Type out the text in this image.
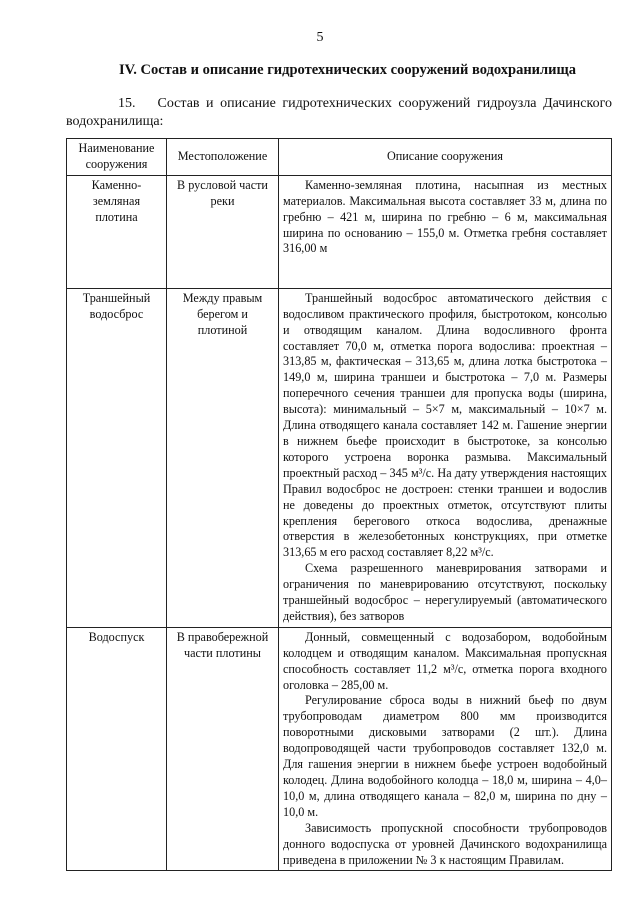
5
IV. Состав и описание гидротехнических сооружений водохранилища
15. Состав и описание гидротехнических сооружений гидроузла Дачинского водохранилища:
Наименование сооружения	Местоположение	Описание сооружения
Каменно-земляная плотина	В русловой части реки	Каменно-земляная плотина, насыпная из местных материалов. Максимальная высота составляет 33 м, длина по гребню – 421 м, ширина по гребню – 6 м, максимальная ширина по основанию – 155,0 м. Отметка гребня составляет 316,00 м

Траншейный водосброс	Между правым берегом и плотиной	Траншейный водосброс автоматического действия с водосливом практического профиля, быстротоком, консолью и отводящим каналом. Длина водосливного фронта составляет 70,0 м, отметка порога водослива: проектная – 313,85 м, фактическая – 313,65 м, длина лотка быстротока – 149,0 м, ширина траншеи и быстротока – 7,0 м. Размеры поперечного сечения траншеи для пропуска воды (ширина, высота): минимальный – 5×7 м, максимальный – 10×7 м. Длина отводящего канала составляет 142 м. Гашение энергии в нижнем бьефе происходит в быстротоке, за консолью которого устроена воронка размыва. Максимальный проектный расход – 345 м³/с. На дату утверждения настоящих Правил водосброс не достроен: стенки траншеи и водослив не доведены до проектных отметок, отсутствуют плиты крепления берегового откоса водослива, дренажные отверстия в железобетонных конструкциях, при отметке 313,65 м его расход составляет 8,22 м³/с.

Схема разрешенного маневрирования затворами и ограничения по маневрированию отсутствуют, поскольку траншейный водосброс – нерегулируемый (автоматического действия), без затворов

Водоспуск	В правобережной части плотины	Донный, совмещенный с водозабором, водобойным колодцем и отводящим каналом. Максимальная пропускная способность составляет 11,2 м³/с, отметка порога входного оголовка – 285,00 м.

Регулирование сброса воды в нижний бьеф по двум трубопроводам диаметром 800 мм производится поворотными дисковыми затворами (2 шт.). Длина водопроводящей части трубопроводов составляет 132,0 м. Для гашения энергии в нижнем бьефе устроен водобойный колодец. Длина водобойного колодца – 18,0 м, ширина – 4,0–10,0 м, длина отводящего канала – 82,0 м, ширина по дну – 10,0 м.

Зависимость пропускной способности трубопроводов донного водоспуска от уровней Дачинского водохранилища приведена в приложении № 3 к настоящим Правилам.
